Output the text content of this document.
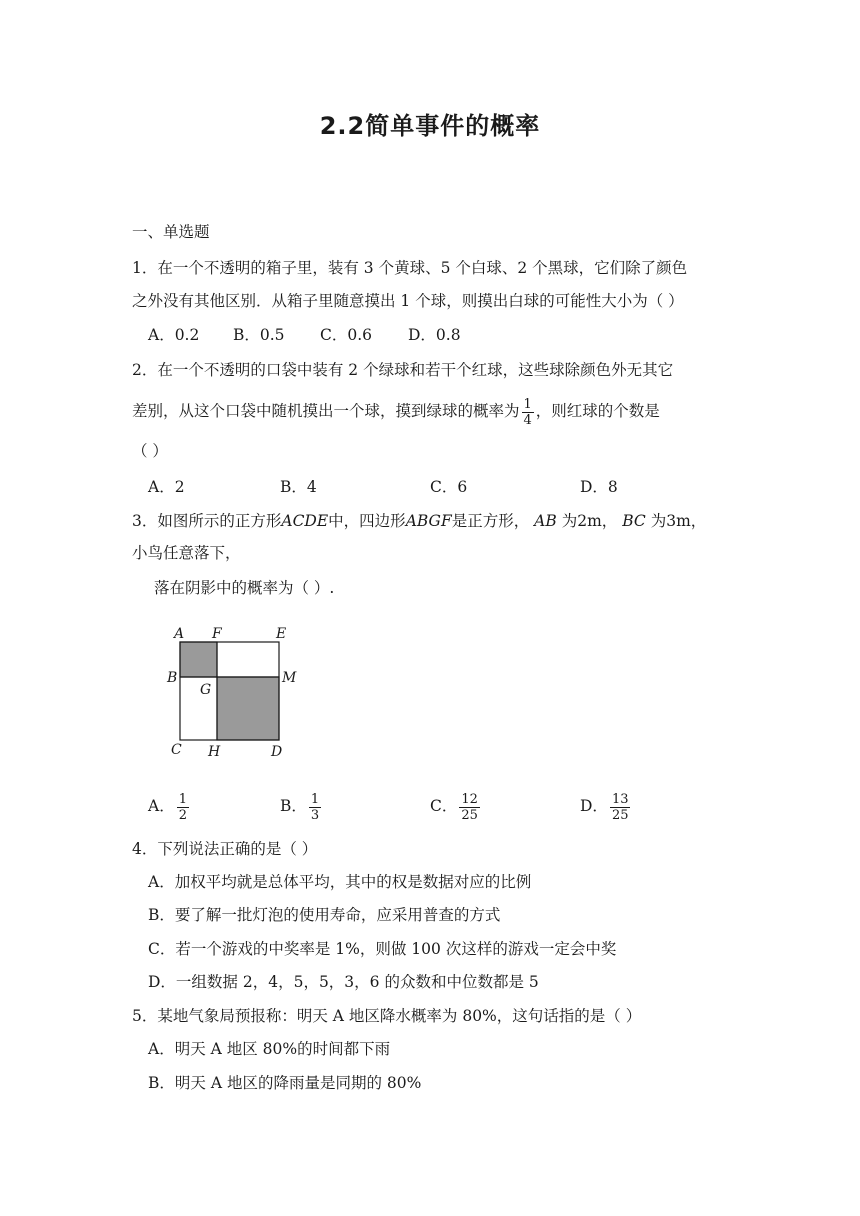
2.2简单事件的概率
一、单选题
1．在一个不透明的箱子里，装有 3 个黄球、5 个白球、2 个黑球，它们除了颜色
之外没有其他区别．从箱子里随意摸出 1 个球，则摸出白球的可能性大小为（ ）
A．0.2 B．0.5 C．0.6 D．0.8
2．在一个不透明的口袋中装有 2 个绿球和若干个红球，这些球除颜色外无其它
差别，从这个口袋中随机摸出一个球，摸到绿球的概率为 $\frac{1}{4}$ ，则红球的个数是
（ ）
A．2	B．4	C．6	D．8
3．如图所示的正方形ACDE中，四边形ABGF是正方形， AB 为2m， BC 为3m，
小鸟任意落下，
落在阴影中的概率为（ ）.
A F	E
B
G
M
C H	D
A． $\frac{1}{2}$	B． $\frac{1}{3}$	C． $\frac{12}{25}$	D． $\frac{13}{25}$
4．下列说法正确的是（ ）
A．加权平均就是总体平均，其中的权是数据对应的比例
B．要了解一批灯泡的使用寿命，应采用普查的方式
C．若一个游戏的中奖率是 1%，则做 100 次这样的游戏一定会中奖
D．一组数据 2，4，5，5，3，6 的众数和中位数都是 5
5．某地气象局预报称：明天 A 地区降水概率为 80%，这句话指的是（ ）
A．明天 A 地区 80%的时间都下雨
B．明天 A 地区的降雨量是同期的 80%
